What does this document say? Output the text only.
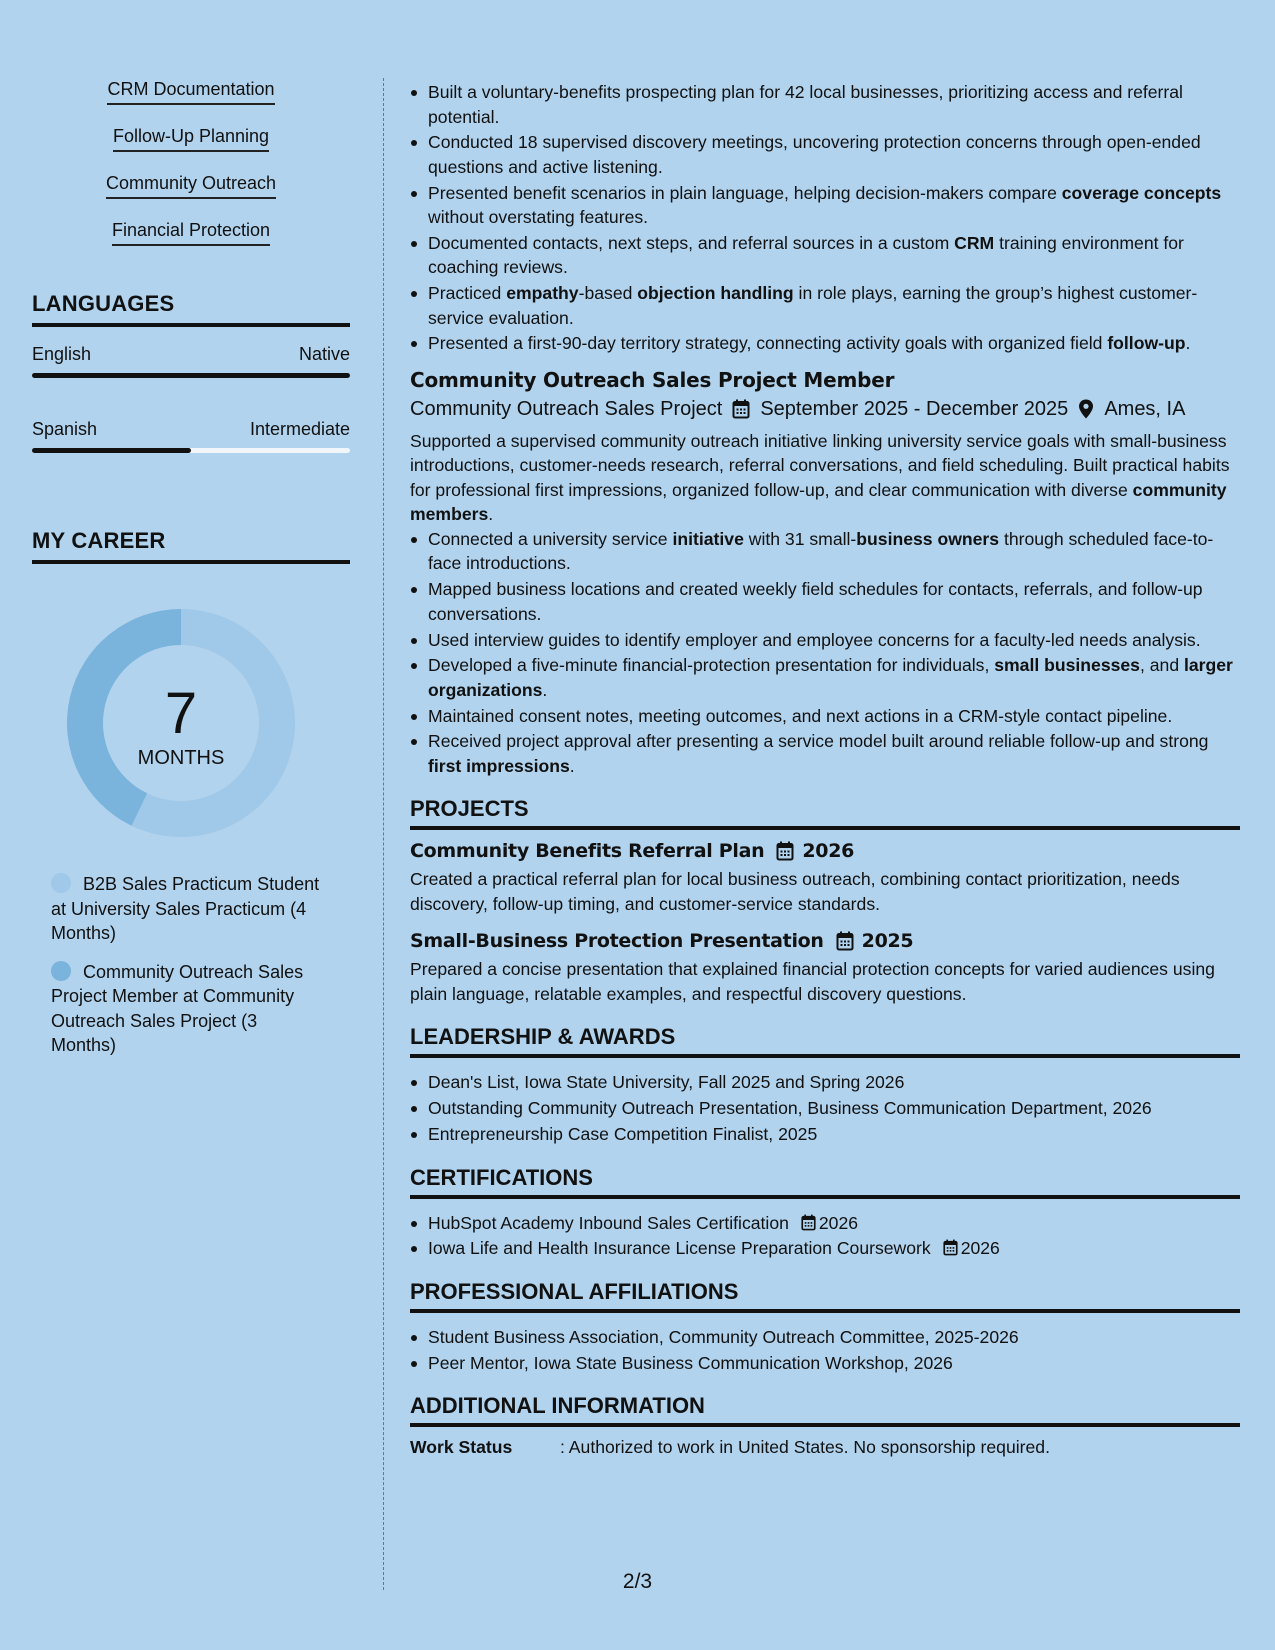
CRM Documentation
Follow-Up Planning
Community Outreach
Financial Protection
LANGUAGES
English	Native
Spanish	Intermediate
MY CAREER
7
MONTHS
B2B Sales Practicum Student at University Sales Practicum (4 Months)
Community Outreach Sales Project Member at Community Outreach Sales Project (3 Months)
Built a voluntary-benefits prospecting plan for 42 local businesses, prioritizing access and referral potential.
Conducted 18 supervised discovery meetings, uncovering protection concerns through open-ended questions and active listening.
Presented benefit scenarios in plain language, helping decision-makers compare coverage concepts without overstating features.
Documented contacts, next steps, and referral sources in a custom CRM training environment for coaching reviews.
Practiced empathy-based objection handling in role plays, earning the group’s highest customer-service evaluation.
Presented a first-90-day territory strategy, connecting activity goals with organized field follow-up.
Community Outreach Sales Project Member
Community Outreach Sales Project September 2025 - December 2025 Ames, IA
Supported a supervised community outreach initiative linking university service goals with small-business introductions, customer-needs research, referral conversations, and field scheduling. Built practical habits for professional first impressions, organized follow-up, and clear communication with diverse community members.
Connected a university service initiative with 31 small-business owners through scheduled face-to-face introductions.
Mapped business locations and created weekly field schedules for contacts, referrals, and follow-up conversations.
Used interview guides to identify employer and employee concerns for a faculty-led needs analysis.
Developed a five-minute financial-protection presentation for individuals, small businesses, and larger organizations.
Maintained consent notes, meeting outcomes, and next actions in a CRM-style contact pipeline.
Received project approval after presenting a service model built around reliable follow-up and strong first impressions.
PROJECTS
Community Benefits Referral Plan 2026
Created a practical referral plan for local business outreach, combining contact prioritization, needs discovery, follow-up timing, and customer-service standards.
Small-Business Protection Presentation 2025
Prepared a concise presentation that explained financial protection concepts for varied audiences using plain language, relatable examples, and respectful discovery questions.
LEADERSHIP & AWARDS
Dean's List, Iowa State University, Fall 2025 and Spring 2026
Outstanding Community Outreach Presentation, Business Communication Department, 2026
Entrepreneurship Case Competition Finalist, 2025
CERTIFICATIONS
HubSpot Academy Inbound Sales Certification 2026
Iowa Life and Health Insurance License Preparation Coursework 2026
PROFESSIONAL AFFILIATIONS
Student Business Association, Community Outreach Committee, 2025-2026
Peer Mentor, Iowa State Business Communication Workshop, 2026
ADDITIONAL INFORMATION
Work Status	: Authorized to work in United States. No sponsorship required.
2/3
